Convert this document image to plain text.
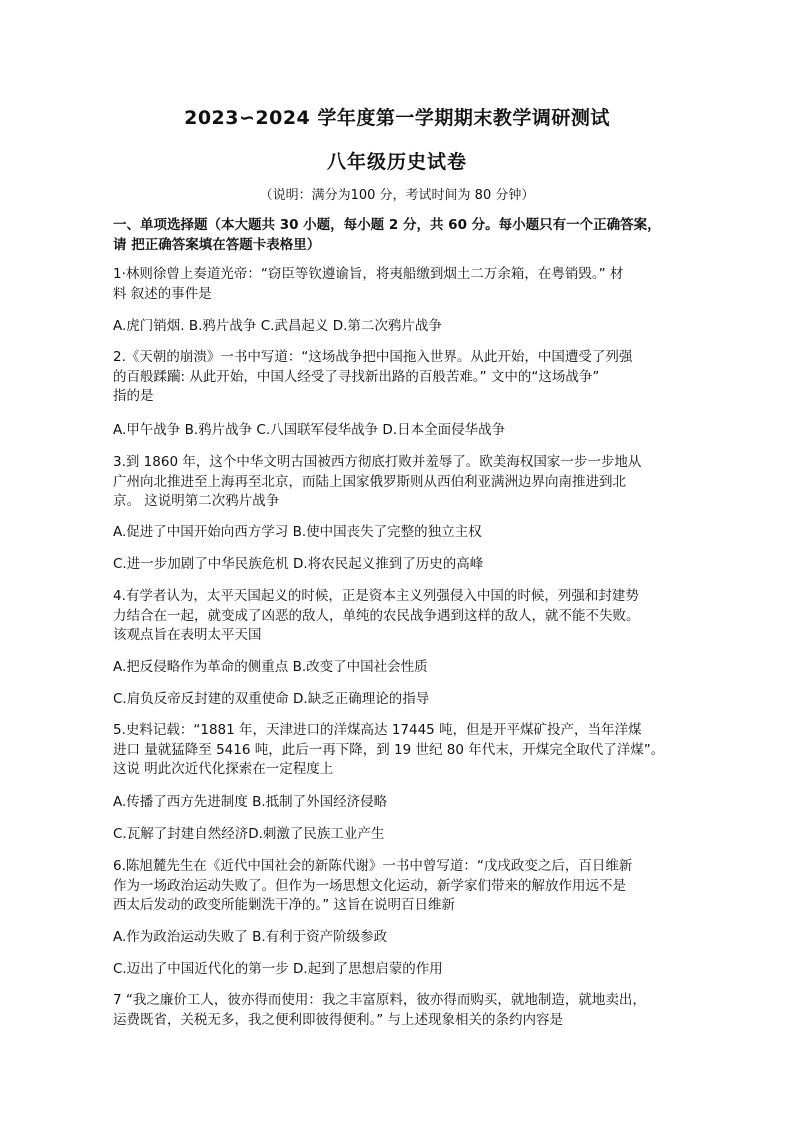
2023∽2024 学年度第一学期期末教学调研测试
八年级历史试卷
（说明：满分为100 分，考试时间为 80 分钟）

一、单项选择题（本大题共 30 小题，每小题 2 分，共 60 分。每小题只有一个正确答案，

请 把正确答案填在答题卡表格里）

1·林则徐曾上奏道光帝：“窃臣等钦遵谕旨，将夷船缴到烟土二万余箱，在粤销毁。” 材

料 叙述的事件是

A.虎门销烟. B.鸦片战争 C.武昌起义 D.第二次鸦片战争

2.《天朝的崩溃》一书中写道：“这场战争把中国拖入世界。从此开始，中国遭受了列强

的百般蹂躏: 从此开始，中国人经受了寻找新出路的百般苦难。” 文中的“这场战争”

指的是

A.甲午战争 B.鸦片战争 C.八国联军侵华战争 D.日本全面侵华战争

3.到 1860 年，这个中华文明古国被西方彻底打败并羞辱了。欧美海权国家一步一步地从

广州向北推进至上海再至北京，而陆上国家俄罗斯则从西伯利亚满洲边界向南推进到北

京。 这说明第二次鸦片战争

A.促进了中国开始向西方学习 B.使中国丧失了完整的独立主权

C.进一步加剧了中华民族危机 D.将农民起义推到了历史的高峰

4.有学者认为，太平天国起义的时候，正是资本主义列强侵入中国的时候，列强和封建势

力结合在一起，就变成了凶恶的敌人，单纯的农民战争遇到这样的敌人，就不能不失败。

该观点旨在表明太平天国

A.把反侵略作为革命的侧重点 B.改变了中国社会性质

C.肩负反帝反封建的双重使命 D.缺乏正确理论的指导

5.史料记载：“1881 年，天津进口的洋煤高达 17445 吨，但是开平煤矿投产，当年洋煤

进口 量就猛降至 5416 吨，此后一再下降，到 19 世纪 80 年代末，开煤完全取代了洋煤”。

这说 明此次近代化探索在一定程度上

A.传播了西方先进制度 B.抵制了外国经济侵略

C.瓦解了封建自然经济D.刺激了民族工业产生

6.陈旭麓先生在《近代中国社会的新陈代谢》一书中曾写道：“戊戌政变之后，百日维新

作为一场政治运动失败了。但作为一场思想文化运动，新学家们带来的解放作用远不是

西太后发动的政变所能剿洗干净的。” 这旨在说明百日维新

A.作为政治运动失败了 B.有利于资产阶级参政

C.迈出了中国近代化的第一步 D.起到了思想启蒙的作用

7 “我之廉价工人，彼亦得而使用：我之丰富原料，彼亦得而购买，就地制造，就地卖出，

运费既省，关税无多，我之便利即彼得便利。” 与上述现象相关的条约内容是
